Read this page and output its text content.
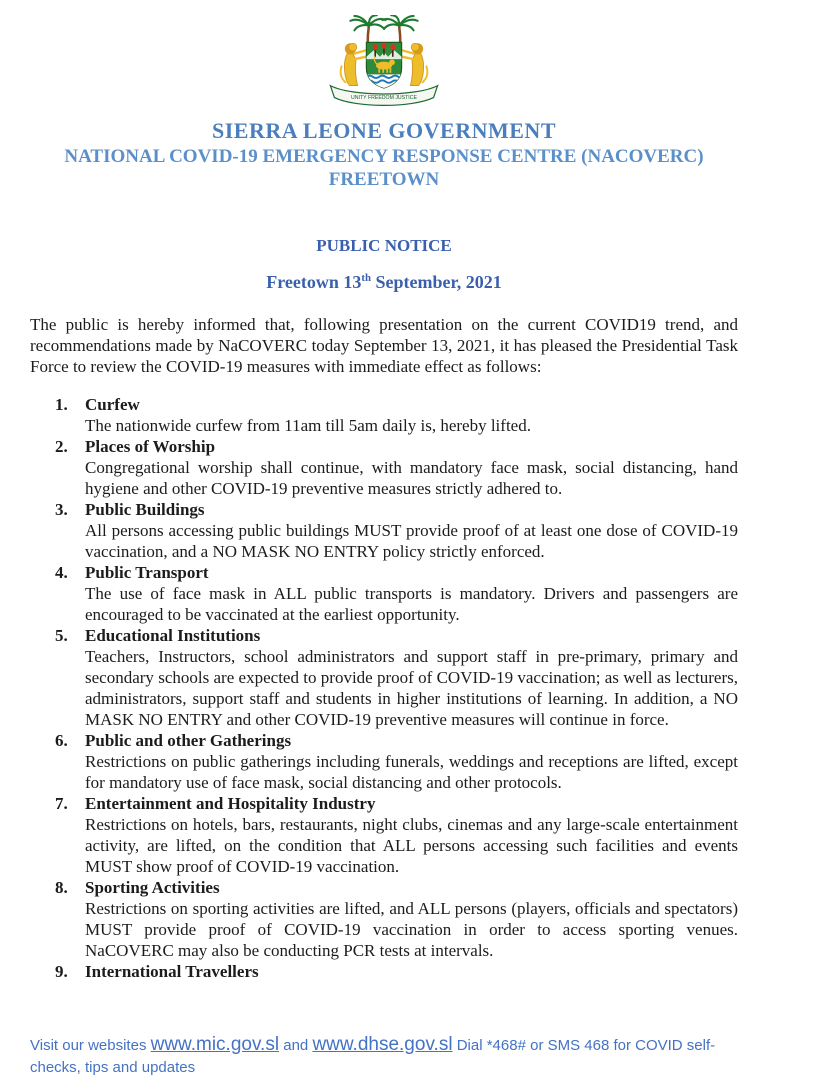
UNITY FREEDOM JUSTICE
SIERRA LEONE GOVERNMENT
NATIONAL COVID-19 EMERGENCY RESPONSE CENTRE (NACOVERC)
FREETOWN
PUBLIC NOTICE
Freetown 13th September, 2021

The public is hereby informed that, following presentation on the current COVID19 trend, and recommendations made by NaCOVERC today September 13, 2021, it has pleased the Presidential Task Force to review the COVID-19 measures with immediate effect as follows:

1.	Curfew
The nationwide curfew from 11am till 5am daily is, hereby lifted.
2.	Places of Worship
Congregational worship shall continue, with mandatory face mask, social distancing, hand hygiene and other COVID-19 preventive measures strictly adhered to.
3.	Public Buildings
All persons accessing public buildings MUST provide proof of at least one dose of COVID-19 vaccination, and a NO MASK NO ENTRY policy strictly enforced.
4.	Public Transport
The use of face mask in ALL public transports is mandatory. Drivers and passengers are encouraged to be vaccinated at the earliest opportunity.
5.	Educational Institutions
Teachers, Instructors, school administrators and support staff in pre-primary, primary and secondary schools are expected to provide proof of COVID-19 vaccination; as well as lecturers, administrators, support staff and students in higher institutions of learning. In addition, a NO MASK NO ENTRY and other COVID-19 preventive measures will continue in force.
6.	Public and other Gatherings
Restrictions on public gatherings including funerals, weddings and receptions are lifted, except for mandatory use of face mask, social distancing and other protocols.
7.	Entertainment and Hospitality Industry
Restrictions on hotels, bars, restaurants, night clubs, cinemas and any large-scale entertainment activity, are lifted, on the condition that ALL persons accessing such facilities and events MUST show proof of COVID-19 vaccination.
8.	Sporting Activities
Restrictions on sporting activities are lifted, and ALL persons (players, officials and spectators) MUST provide proof of COVID-19 vaccination in order to access sporting venues. NaCOVERC may also be conducting PCR tests at intervals.
9.	International Travellers
Visit our websites www.mic.gov.sl and www.dhse.gov.sl Dial *468# or SMS 468 for COVID self-checks, tips and updates
